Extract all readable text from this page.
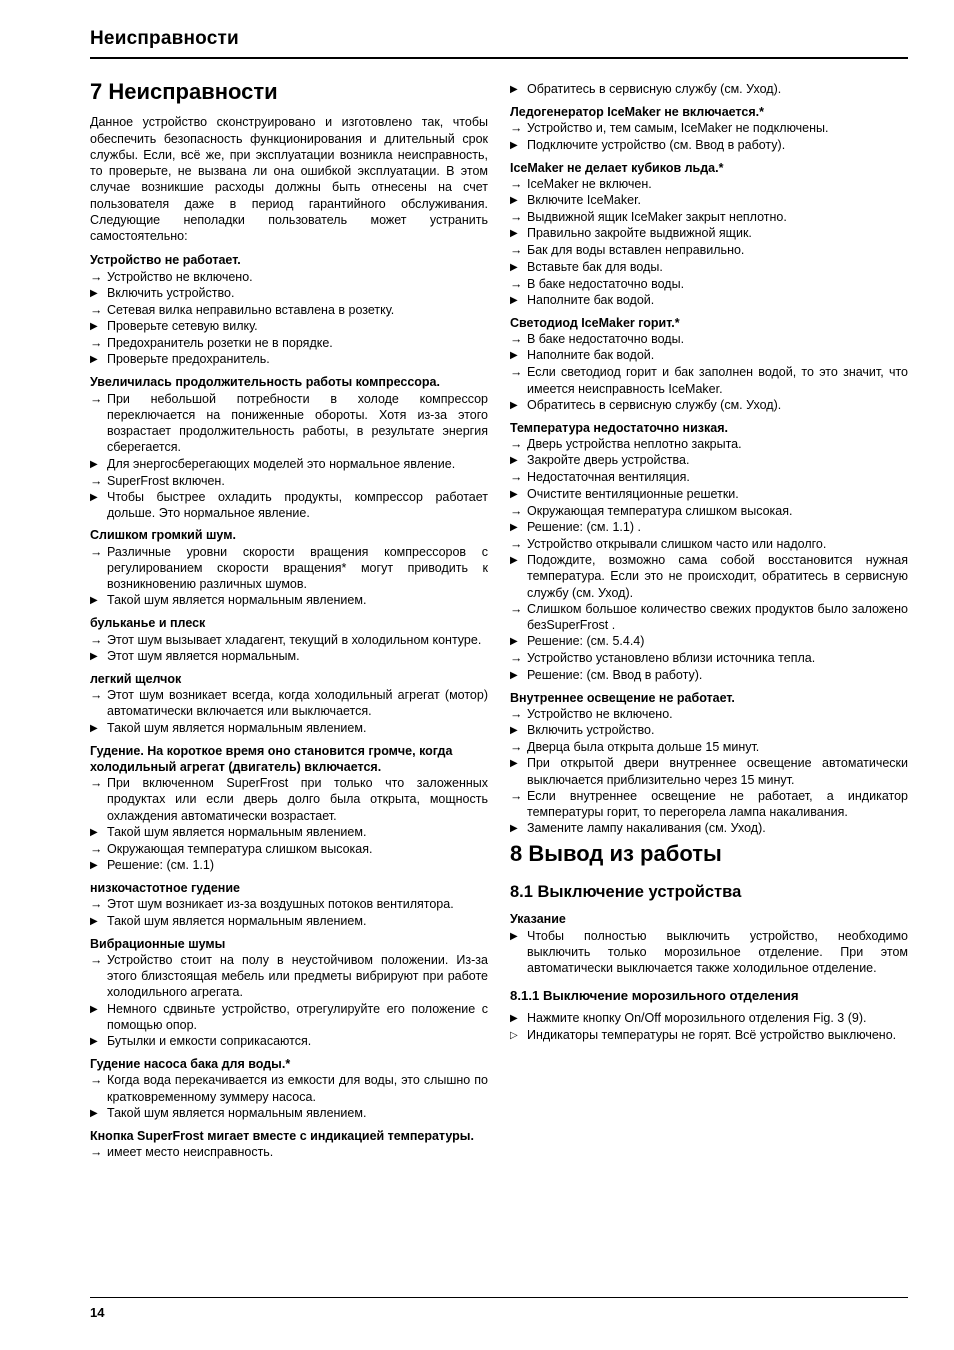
Неисправности
7 Неисправности
Данное устройство сконструировано и изготовлено так, чтобы обеспечить безопасность функционирования и длительный срок службы. Если, всё же, при эксплуатации возникла неисправность, то проверьте, не вызвана ли она ошибкой эксплуатации. В этом случае возникшие расходы должны быть отнесены на счет пользователя даже в период гарантийного обслуживания. Следующие неполадки пользователь может устранить самостоятельно:
Устройство не работает.
→ Устройство не включено.
▶ Включить устройство.
→ Сетевая вилка неправильно вставлена в розетку.
▶ Проверьте сетевую вилку.
→ Предохранитель розетки не в порядке.
▶ Проверьте предохранитель.
Увеличилась продолжительность работы компрессора.
→ При небольшой потребности в холоде компрессор переключается на пониженные обороты. Хотя из-за этого возрастает продолжительность работы, в результате энергия сберегается.
▶ Для энергосберегающих моделей это нормальное явление.
→ SuperFrost включен.
▶ Чтобы быстрее охладить продукты, компрессор работает дольше. Это нормальное явление.
Слишком громкий шум.
→ Различные уровни скорости вращения компрессоров с регулированием скорости вращения* могут приводить к возникновению различных шумов.
▶ Такой шум является нормальным явлением.
бульканье и плеск
→ Этот шум вызывает хладагент, текущий в холодильном контуре.
▶ Этот шум является нормальным.
легкий щелчок
→ Этот шум возникает всегда, когда холодильный агрегат (мотор) автоматически включается или выключается.
▶ Такой шум является нормальным явлением.
Гудение. На короткое время оно становится громче, когда холодильный агрегат (двигатель) включается.
→ При включенном SuperFrost при только что заложенных продуктах или если дверь долго была открыта, мощность охлаждения автоматически возрастает.
▶ Такой шум является нормальным явлением.
→ Окружающая температура слишком высокая.
▶ Решение: (см. 1.1)
низкочастотное гудение
→ Этот шум возникает из-за воздушных потоков вентилятора.
▶ Такой шум является нормальным явлением.
Вибрационные шумы
→ Устройство стоит на полу в неустойчивом положении. Из-за этого близстоящая мебель или предметы вибрируют при работе холодильного агрегата.
▶ Немного сдвиньте устройство, отрегулируйте его положение с помощью опор.
▶ Бутылки и емкости соприкасаются.
Гудение насоса бака для воды.*
→ Когда вода перекачивается из емкости для воды, это слышно по кратковременному зуммеру насоса.
▶ Такой шум является нормальным явлением.
Кнопка SuperFrost мигает вместе с индикацией температуры.
→ имеет место неисправность.
▶ Обратитесь в сервисную службу (см. Уход).
Ледогенератор IceMaker не включается.*
→ Устройство и, тем самым, IceMaker не подключены.
▶ Подключите устройство (см. Ввод в работу).
IceMaker не делает кубиков льда.*
→ IceMaker не включен.
▶ Включите IceMaker.
→ Выдвижной ящик IceMaker закрыт неплотно.
▶ Правильно закройте выдвижной ящик.
→ Бак для воды вставлен неправильно.
▶ Вставьте бак для воды.
→ В баке недостаточно воды.
▶ Наполните бак водой.
Светодиод IceMaker горит.*
→ В баке недостаточно воды.
▶ Наполните бак водой.
→ Если светодиод горит и бак заполнен водой, то это значит, что имеется неисправность IceMaker.
▶ Обратитесь в сервисную службу (см. Уход).
Температура недостаточно низкая.
→ Дверь устройства неплотно закрыта.
▶ Закройте дверь устройства.
→ Недостаточная вентиляция.
▶ Очистите вентиляционные решетки.
→ Окружающая температура слишком высокая.
▶ Решение: (см. 1.1) .
→ Устройство открывали слишком часто или надолго.
▶ Подождите, возможно сама собой восстановится нужная температура. Если это не происходит, обратитесь в сервисную службу (см. Уход).
→ Слишком большое количество свежих продуктов было заложено безSuperFrost .
▶ Решение: (см. 5.4.4)
→ Устройство установлено вблизи источника тепла.
▶ Решение: (см. Ввод в работу).
Внутреннее освещение не работает.
→ Устройство не включено.
▶ Включить устройство.
→ Дверца была открыта дольше 15 минут.
▶ При открытой двери внутреннее освещение автоматически выключается приблизительно через 15 минут.
→ Если внутреннее освещение не работает, а индикатор температуры горит, то перегорела лампа накаливания.
▶ Замените лампу накаливания (см. Уход).
8 Вывод из работы
8.1 Выключение устройства
Указание
▶ Чтобы полностью выключить устройство, необходимо выключить только морозильное отделение. При этом автоматически выключается также холодильное отделение.
8.1.1 Выключение морозильного отделения
▶ Нажмите кнопку On/Off морозильного отделения Fig. 3 (9).
▷ Индикаторы температуры не горят. Всё устройство выключено.
14
